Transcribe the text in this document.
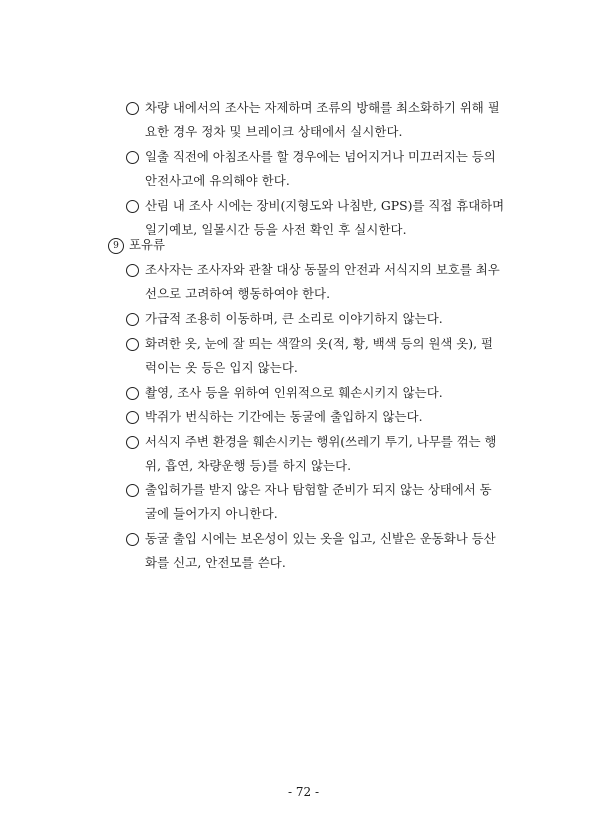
차량 내에서의 조사는 자제하며 조류의 방해를 최소화하기 위해 필
요한 경우 정차 및 브레이크 상태에서 실시한다.
일출 직전에 아침조사를 할 경우에는 넘어지거나 미끄러지는 등의
안전사고에 유의해야 한다.
산림 내 조사 시에는 장비(지형도와 나침반, GPS)를 직접 휴대하며
일기예보, 일몰시간 등을 사전 확인 후 실시한다.
9 포유류
조사자는 조사자와 관찰 대상 동물의 안전과 서식지의 보호를 최우
선으로 고려하여 행동하여야 한다.
가급적 조용히 이동하며, 큰 소리로 이야기하지 않는다.
화려한 옷, 눈에 잘 띄는 색깔의 옷(적, 황, 백색 등의 원색 옷), 펄
럭이는 옷 등은 입지 않는다.
촬영, 조사 등을 위하여 인위적으로 훼손시키지 않는다.
박쥐가 번식하는 기간에는 동굴에 출입하지 않는다.
서식지 주변 환경을 훼손시키는 행위(쓰레기 투기, 나무를 꺾는 행
위, 흡연, 차량운행 등)를 하지 않는다.
출입허가를 받지 않은 자나 탐험할 준비가 되지 않는 상태에서 동
굴에 들어가지 아니한다.
동굴 출입 시에는 보온성이 있는 옷을 입고, 신발은 운동화나 등산
화를 신고, 안전모를 쓴다.
- 72 -
